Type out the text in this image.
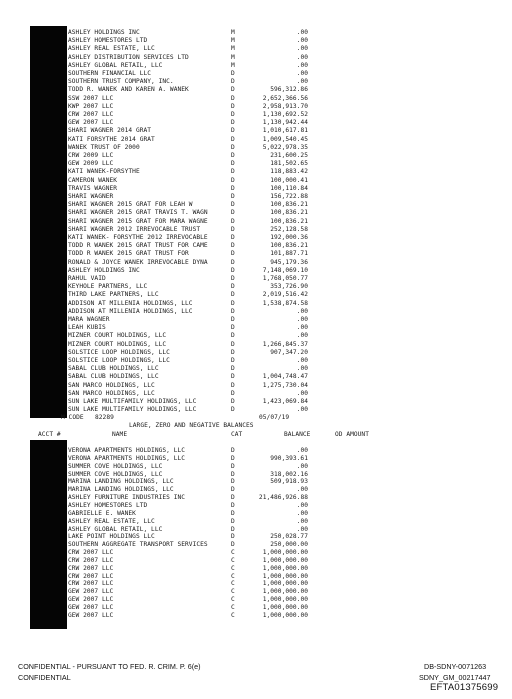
ASHLEY HOLDINGS INC	M	.00
ASHLEY HOMESTORES LTD	M	.00
ASHLEY REAL ESTATE, LLC	M	.00
ASHLEY DISTRIBUTION SERVICES LTD	M	.00
ASHLEY GLOBAL RETAIL, LLC	M	.00
SOUTHERN FINANCIAL LLC	D	.00
SOUTHERN TRUST COMPANY, INC.	D	.00
TODD R. WANEK AND KAREN A. WANEK	D	596,312.86
SSW 2007 LLC	D	2,652,366.56
KWP 2007 LLC	D	2,958,913.70
CRW 2007 LLC	D	1,130,692.52
GEW 2007 LLC	D	1,130,942.44
SHARI WAGNER 2014 GRAT	D	1,010,617.81
KATI FORSYTHE 2014 GRAT	D	1,009,540.45
WANEK TRUST OF 2000	D	5,022,978.35
CRW 2009 LLC	D	231,600.25
GEW 2009 LLC	D	181,502.65
KATI WANEK-FORSYTHE	D	118,883.42
CAMERON WANEK	D	100,000.41
TRAVIS WAGNER	D	100,110.84
SHARI WAGNER	D	156,722.88
SHARI WAGNER 2015 GRAT FOR LEAH W	D	100,836.21
SHARI WAGNER 2015 GRAT TRAVIS T. WAGN	D	100,836.21
SHARI WAGNER 2015 GRAT FOR MARA WAGNE	D	100,836.21
SHARI WAGNER 2012 IRREVOCABLE TRUST	D	252,128.58
KATI WANEK- FORSYTHE 2012 IRREVOCABLE	D	192,000.36
TODD R WANEK 2015 GRAT TRUST FOR CAME	D	100,836.21
TODD R WANEK 2015 GRAT TRUST FOR	D	101,887.71
RONALD & JOYCE WANEK IRREVOCABLE DYNA	D	945,179.36
ASHLEY HOLDINGS INC	D	7,148,069.10
RAHUL VAID	D	1,768,050.77
KEYHOLE PARTNERS, LLC	D	353,726.90
THIRD LAKE PARTNERS, LLC	D	2,019,516.42
ADDISON AT MILLENIA HOLDINGS, LLC	D	1,538,874.58
ADDISON AT MILLENIA HOLDINGS, LLC	D	.00
MARA WAGNER	D	.00
LEAH KUBIS	D	.00
MIZNER COURT HOLDINGS, LLC	D	.00
MIZNER COURT HOLDINGS, LLC	D	1,266,845.37
SOLSTICE LOOP HOLDINGS, LLC	D	907,347.20
SOLSTICE LOOP HOLDINGS, LLC	D	.00
SABAL CLUB HOLDINGS, LLC	D	.00
SABAL CLUB HOLDINGS, LLC	D	1,004,748.47
SAN MARCO HOLDINGS, LLC	D	1,275,730.04
SAN MARCO HOLDINGS, LLC	D	.00
SUN LAKE MULTIFAMILY HOLDINGS, LLC	D	1,423,069.84
SUN LAKE MULTIFAMILY HOLDINGS, LLC	D	.00
M CODE 82289	05/07/19
LARGE, ZERO AND NEGATIVE BALANCES
ACCT #	NAME	CAT	BALANCE	OD AMOUNT
VERONA APARTMENTS HOLDINGS, LLC	D	.00
VERONA APARTMENTS HOLDINGS, LLC	D	990,393.61
SUMMER COVE HOLDINGS, LLC	D	.00
SUMMER COVE HOLDINGS, LLC	D	318,002.16
MARINA LANDING HOLDINGS, LLC	D	509,918.93
MARINA LANDING HOLDINGS, LLC	D	.00
ASHLEY FURNITURE INDUSTRIES INC	D	21,486,926.88
ASHLEY HOMESTORES LTD	D	.00
GABRIELLE E. WANEK	D	.00
ASHLEY REAL ESTATE, LLC	D	.00
ASHLEY GLOBAL RETAIL, LLC	D	.00
LAKE POINT HOLDINGS LLC	D	250,028.77
SOUTHERN AGGREGATE TRANSPORT SERVICES	D	250,000.00
CRW 2007 LLC	C	1,000,000.00
CRW 2007 LLC	C	1,000,000.00
CRW 2007 LLC	C	1,000,000.00
CRW 2007 LLC	C	1,000,000.00
CRW 2007 LLC	C	1,000,000.00
GEW 2007 LLC	C	1,000,000.00
GEW 2007 LLC	C	1,000,000.00
GEW 2007 LLC	C	1,000,000.00
GEW 2007 LLC	C	1,000,000.00
CONFIDENTIAL - PURSUANT TO FED. R. CRIM. P. 6(e)
CONFIDENTIAL
DB-SDNY-0071263
SDNY_GM_00217447
EFTA01375699
